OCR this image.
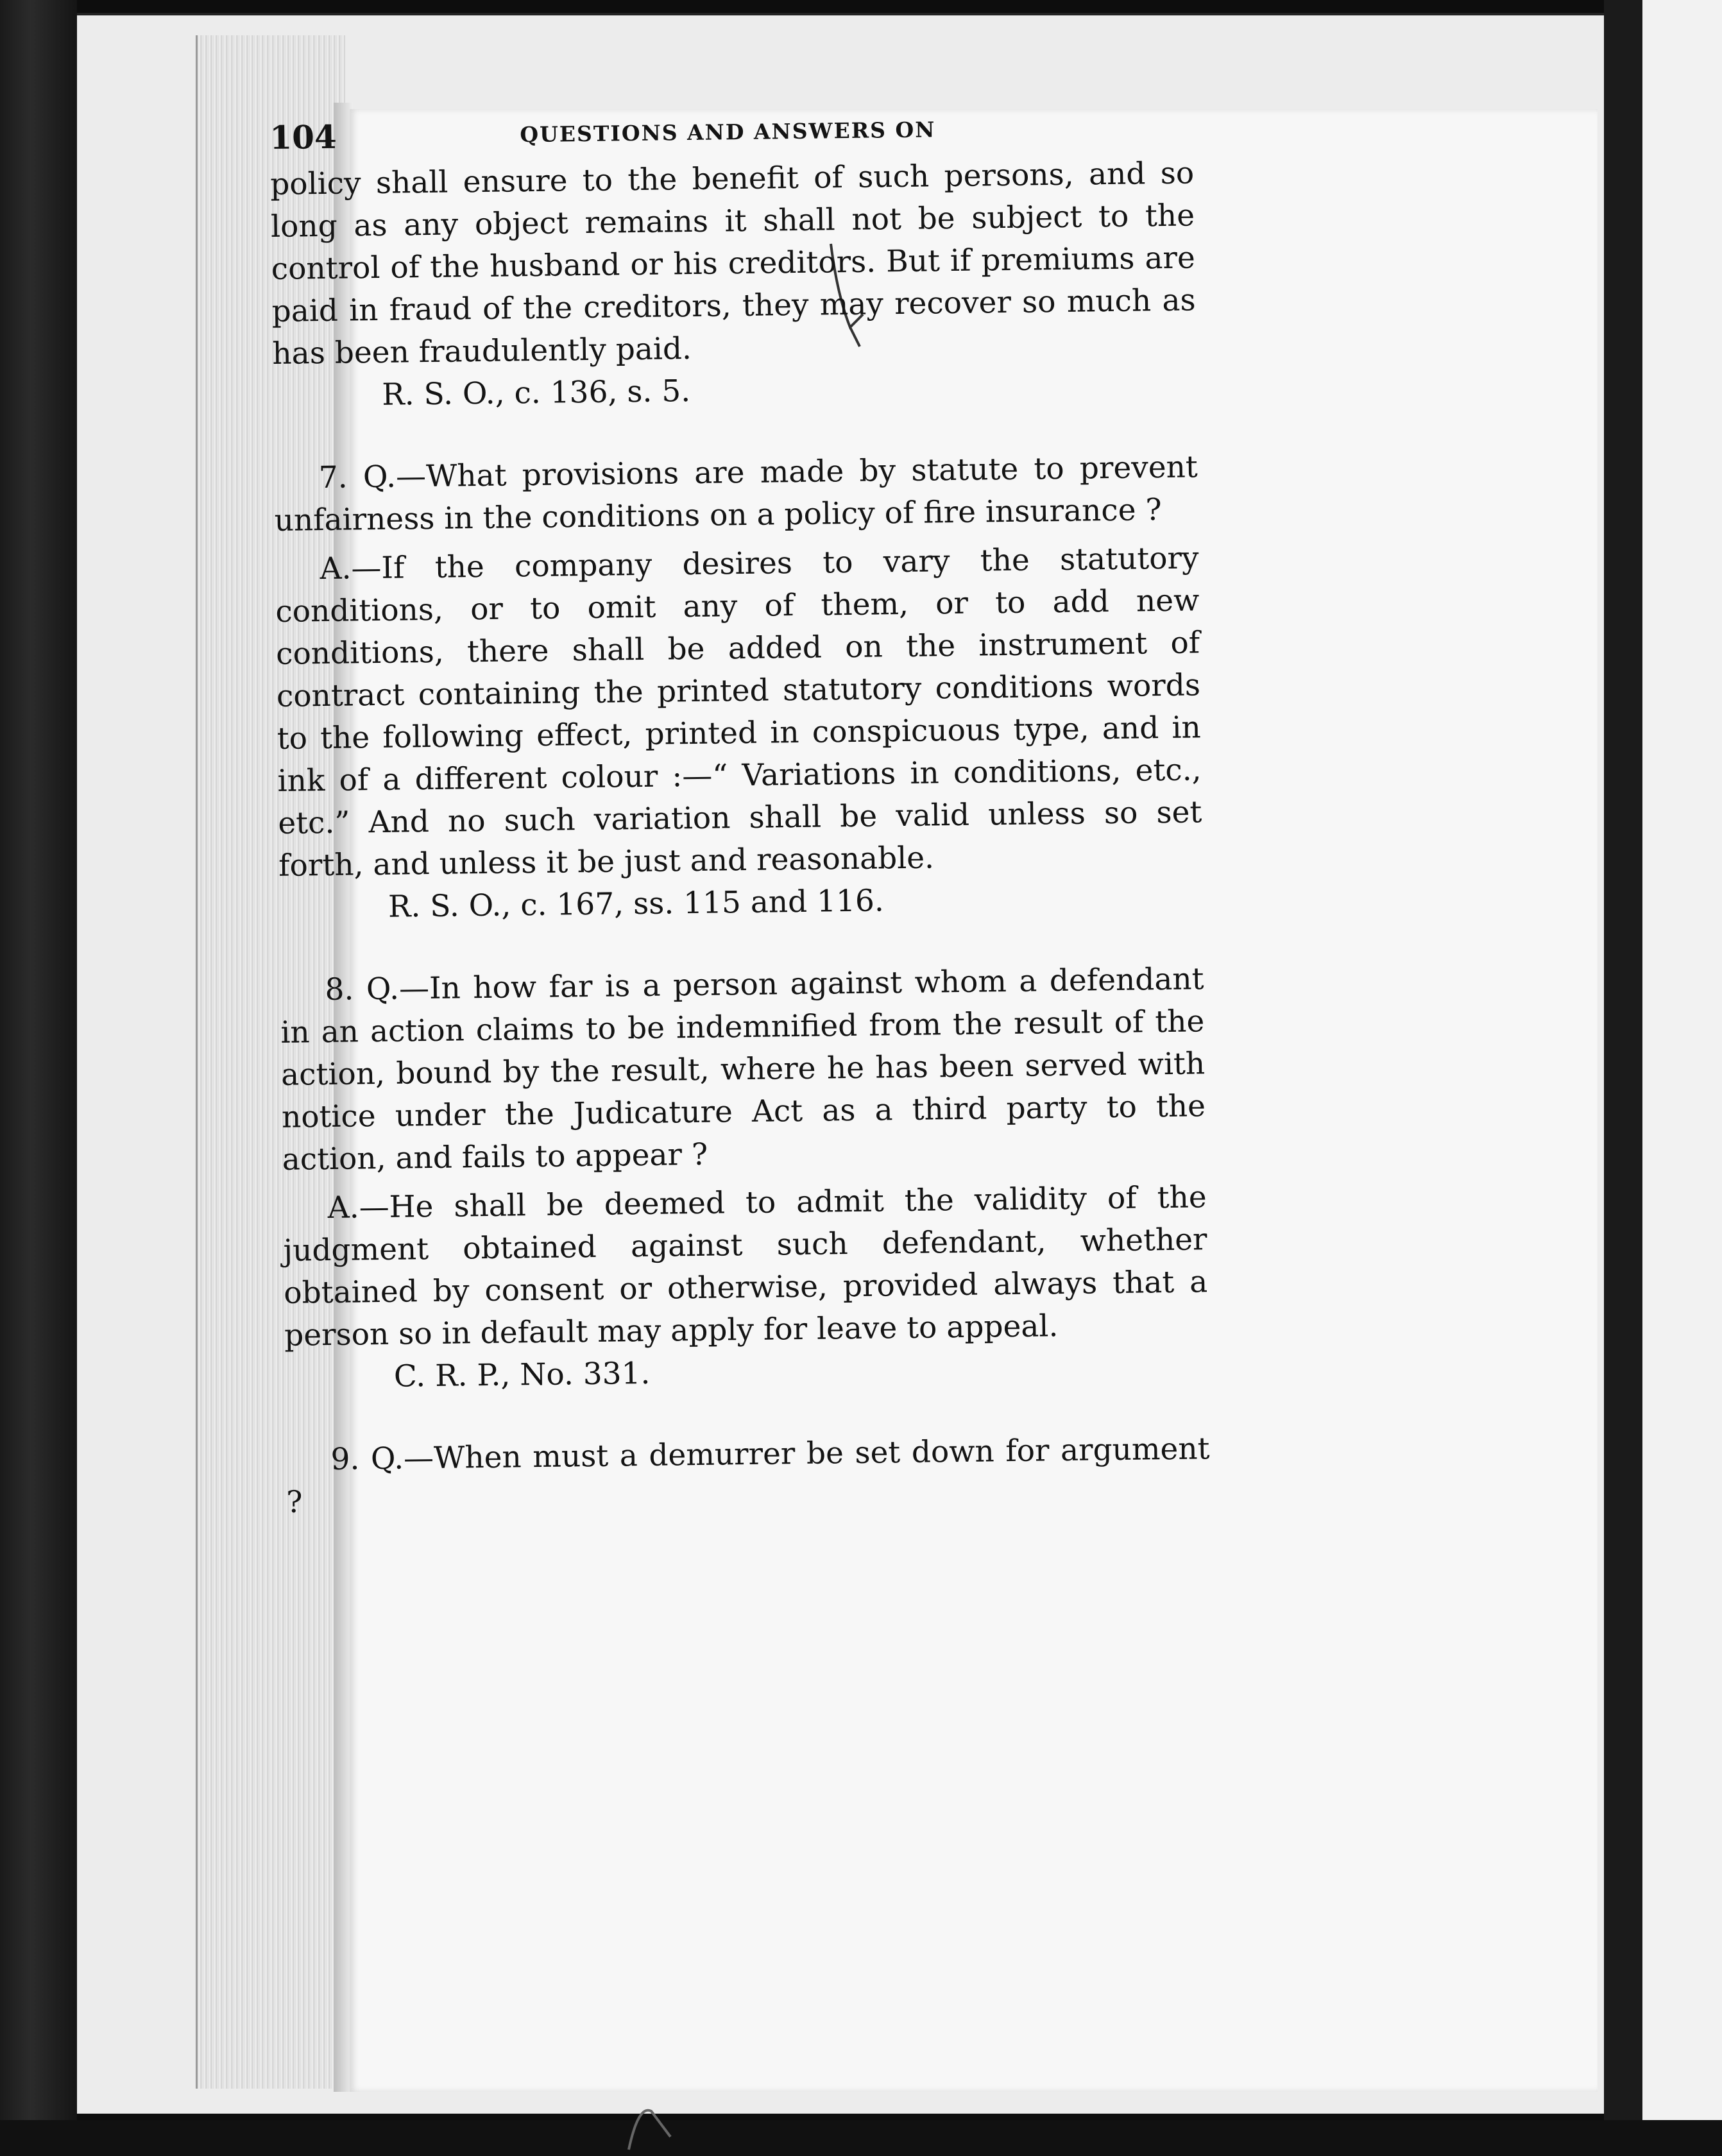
104	QUESTIONS AND ANSWERS ON

policy shall ensure to the benefit of such persons, and so long as any object remains it shall not be subject to the control of the husband or his creditors. But if premiums are paid in fraud of the creditors, they may recover so much as has been fraudulently paid.

R. S. O., c. 136, s. 5.

7. Q.—What provisions are made by statute to prevent unfairness in the conditions on a policy of fire insurance ?

A.—If the company desires to vary the statutory conditions, or to omit any of them, or to add new conditions, there shall be added on the instrument of contract containing the printed statutory conditions words to the following effect, printed in conspicuous type, and in ink of a different colour :—“ Variations in conditions, etc., etc.” And no such variation shall be valid unless so set forth, and unless it be just and reasonable.

R. S. O., c. 167, ss. 115 and 116.

8. Q.—In how far is a person against whom a defendant in an action claims to be indemnified from the result of the action, bound by the result, where he has been served with notice under the Judicature Act as a third party to the action, and fails to appear ?

A.—He shall be deemed to admit the validity of the judgment obtained against such defendant, whether obtained by consent or otherwise, provided always that a person so in default may apply for leave to appeal.

C. R. P., No. 331.

9. Q.—When must a demurrer be set down for argument ?
